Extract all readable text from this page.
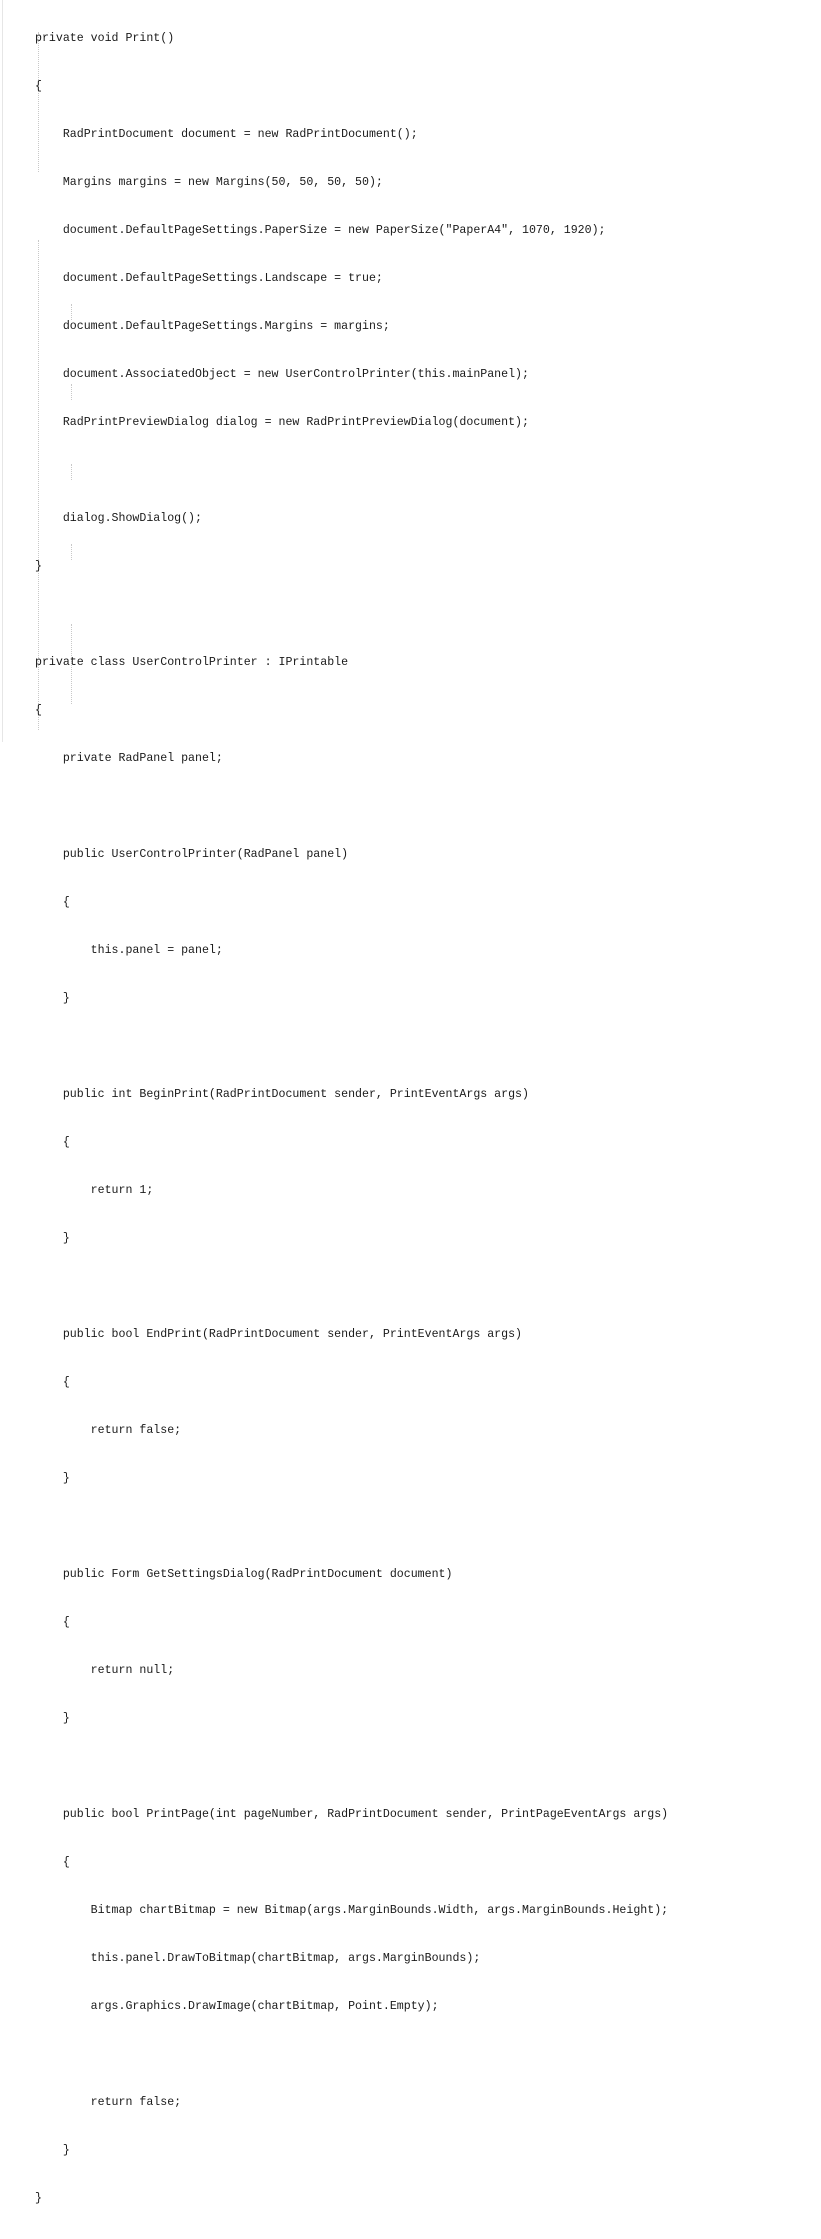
private void Print()

{

RadPrintDocument document = new RadPrintDocument();

Margins margins = new Margins(50, 50, 50, 50);

document.DefaultPageSettings.PaperSize = new PaperSize("PaperA4", 1070, 1920);

document.DefaultPageSettings.Landscape = true;

document.DefaultPageSettings.Margins = margins;

document.AssociatedObject = new UserControlPrinter(this.mainPanel);

RadPrintPreviewDialog dialog = new RadPrintPreviewDialog(document);

dialog.ShowDialog();

}

private class UserControlPrinter : IPrintable

{

private RadPanel panel;

public UserControlPrinter(RadPanel panel)

{

this.panel = panel;

}

public int BeginPrint(RadPrintDocument sender, PrintEventArgs args)

{

return 1;

}

public bool EndPrint(RadPrintDocument sender, PrintEventArgs args)

{

return false;

}

public Form GetSettingsDialog(RadPrintDocument document)

{

return null;

}

public bool PrintPage(int pageNumber, RadPrintDocument sender, PrintPageEventArgs args)

{

Bitmap chartBitmap = new Bitmap(args.MarginBounds.Width, args.MarginBounds.Height);

this.panel.DrawToBitmap(chartBitmap, args.MarginBounds);

args.Graphics.DrawImage(chartBitmap, Point.Empty);

return false;

}

}
